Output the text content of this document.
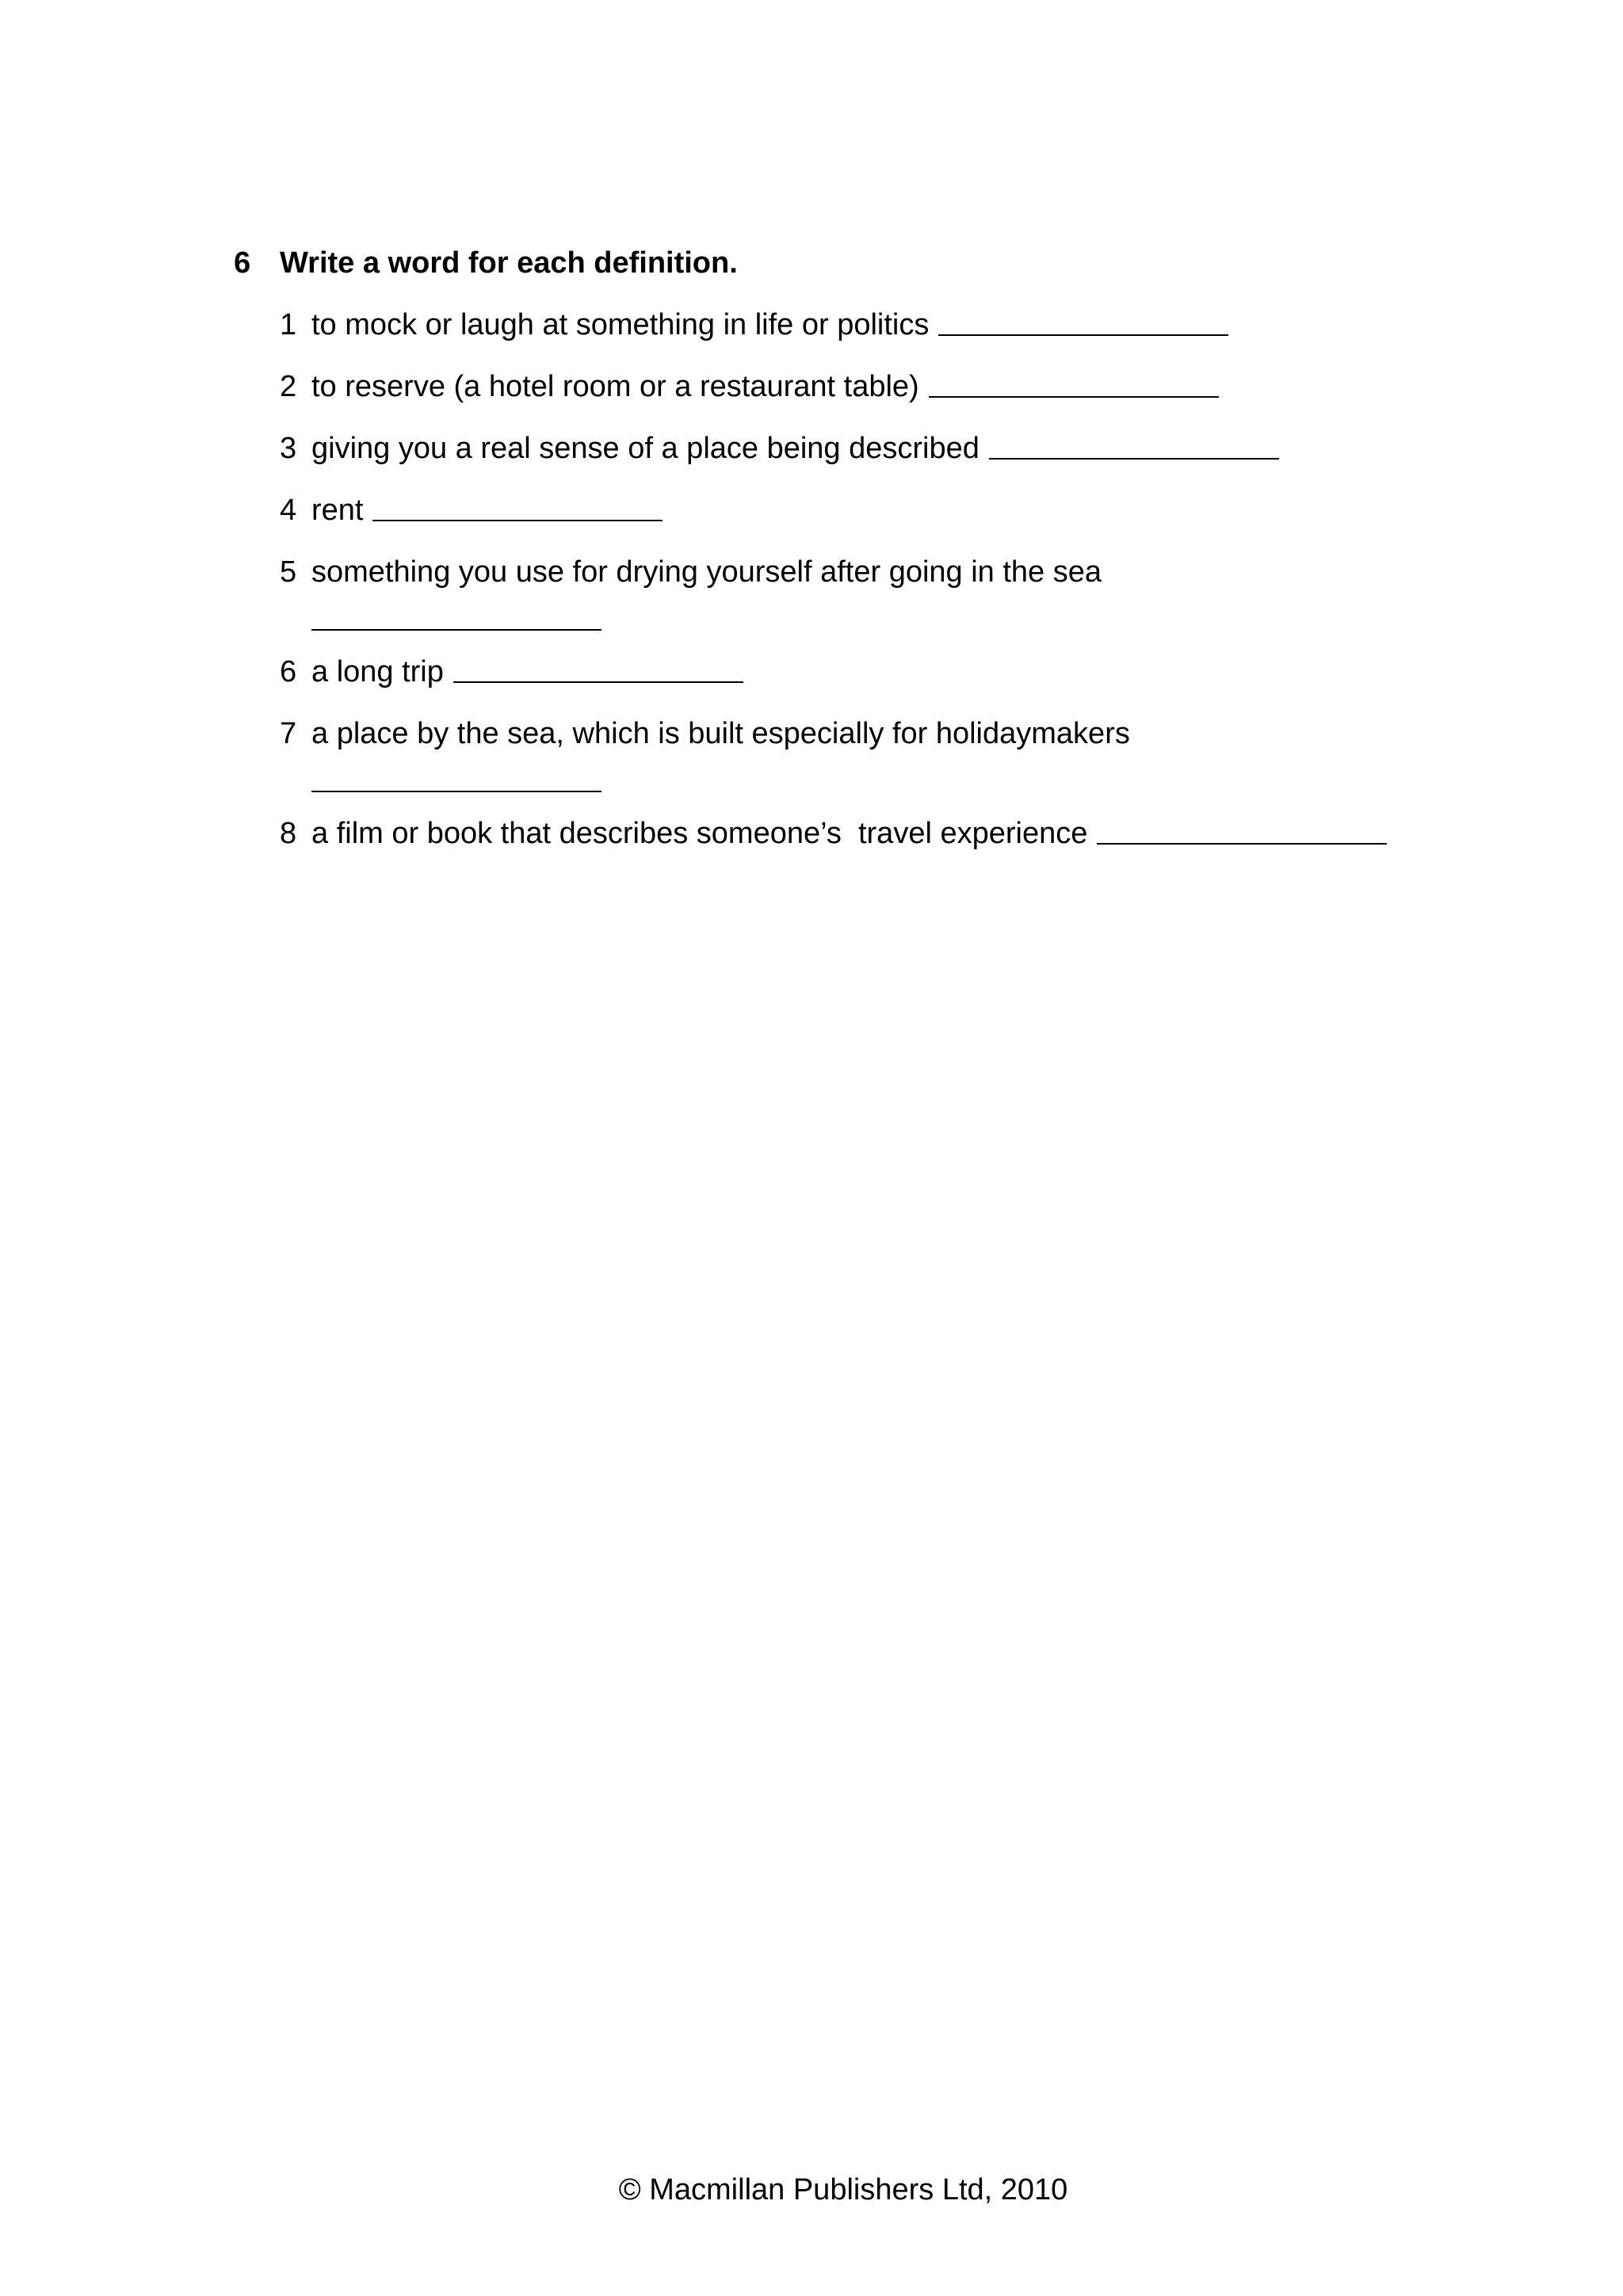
6 Write a word for each definition.
1 to mock or laugh at something in life or politics
2 to reserve (a hotel room or a restaurant table)
3 giving you a real sense of a place being described
4 rent
5 something you use for drying yourself after going in the sea
6 a long trip
7 a place by the sea, which is built especially for holidaymakers
8 a film or book that describes someone’s  travel experience
© Macmillan Publishers Ltd, 2010
